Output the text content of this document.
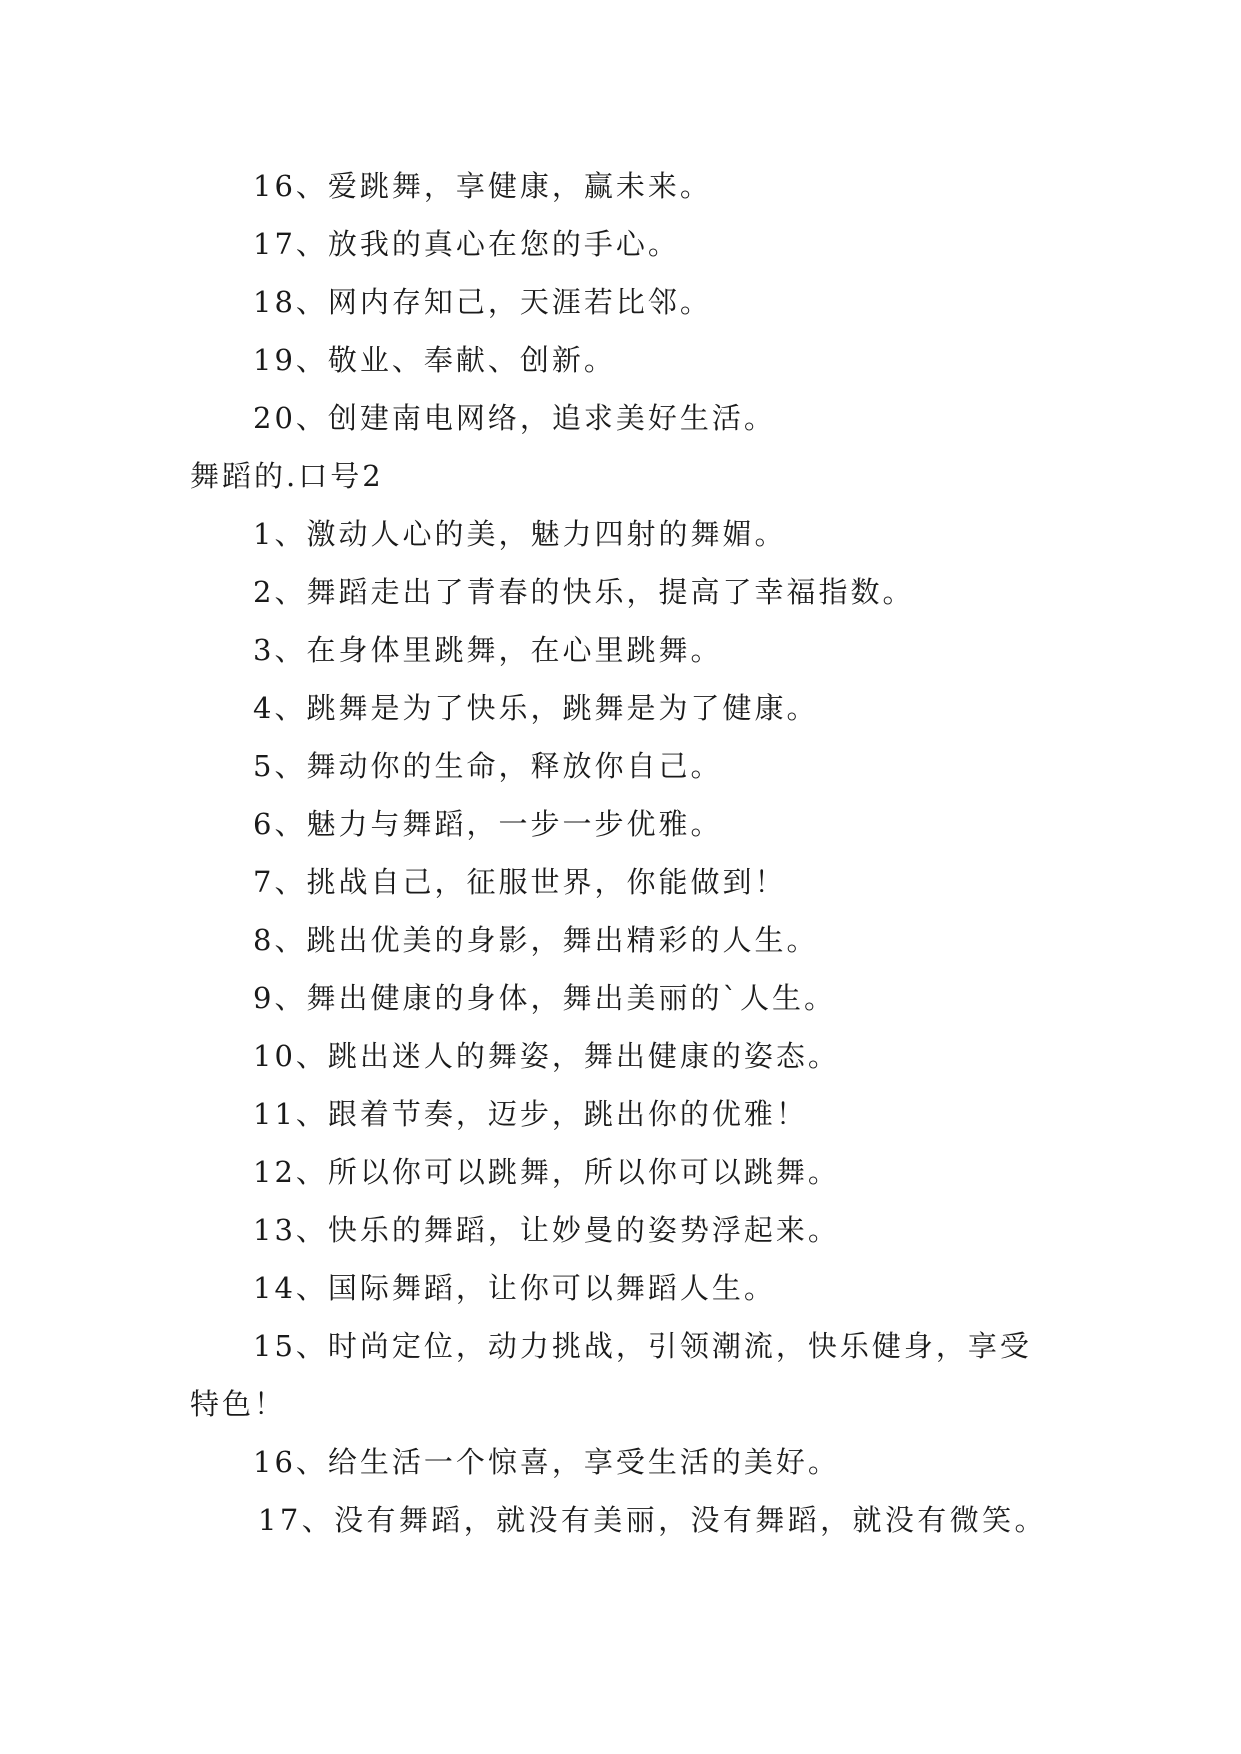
16、爱跳舞，享健康，赢未来。
17、放我的真心在您的手心。
18、网内存知己，天涯若比邻。
19、敬业、奉献、创新。
20、创建南电网络，追求美好生活。
舞蹈的.口号2
1、激动人心的美，魅力四射的舞媚。
2、舞蹈走出了青春的快乐，提高了幸福指数。
3、在身体里跳舞，在心里跳舞。
4、跳舞是为了快乐，跳舞是为了健康。
5、舞动你的生命，释放你自己。
6、魅力与舞蹈，一步一步优雅。
7、挑战自己，征服世界，你能做到！
8、跳出优美的身影，舞出精彩的人生。
9、舞出健康的身体，舞出美丽的`人生。
10、跳出迷人的舞姿，舞出健康的姿态。
11、跟着节奏，迈步，跳出你的优雅！
12、所以你可以跳舞，所以你可以跳舞。
13、快乐的舞蹈，让妙曼的姿势浮起来。
14、国际舞蹈，让你可以舞蹈人生。
15、时尚定位，动力挑战，引领潮流，快乐健身，享受
特色！
16、给生活一个惊喜，享受生活的美好。
17、没有舞蹈，就没有美丽，没有舞蹈，就没有微笑。
